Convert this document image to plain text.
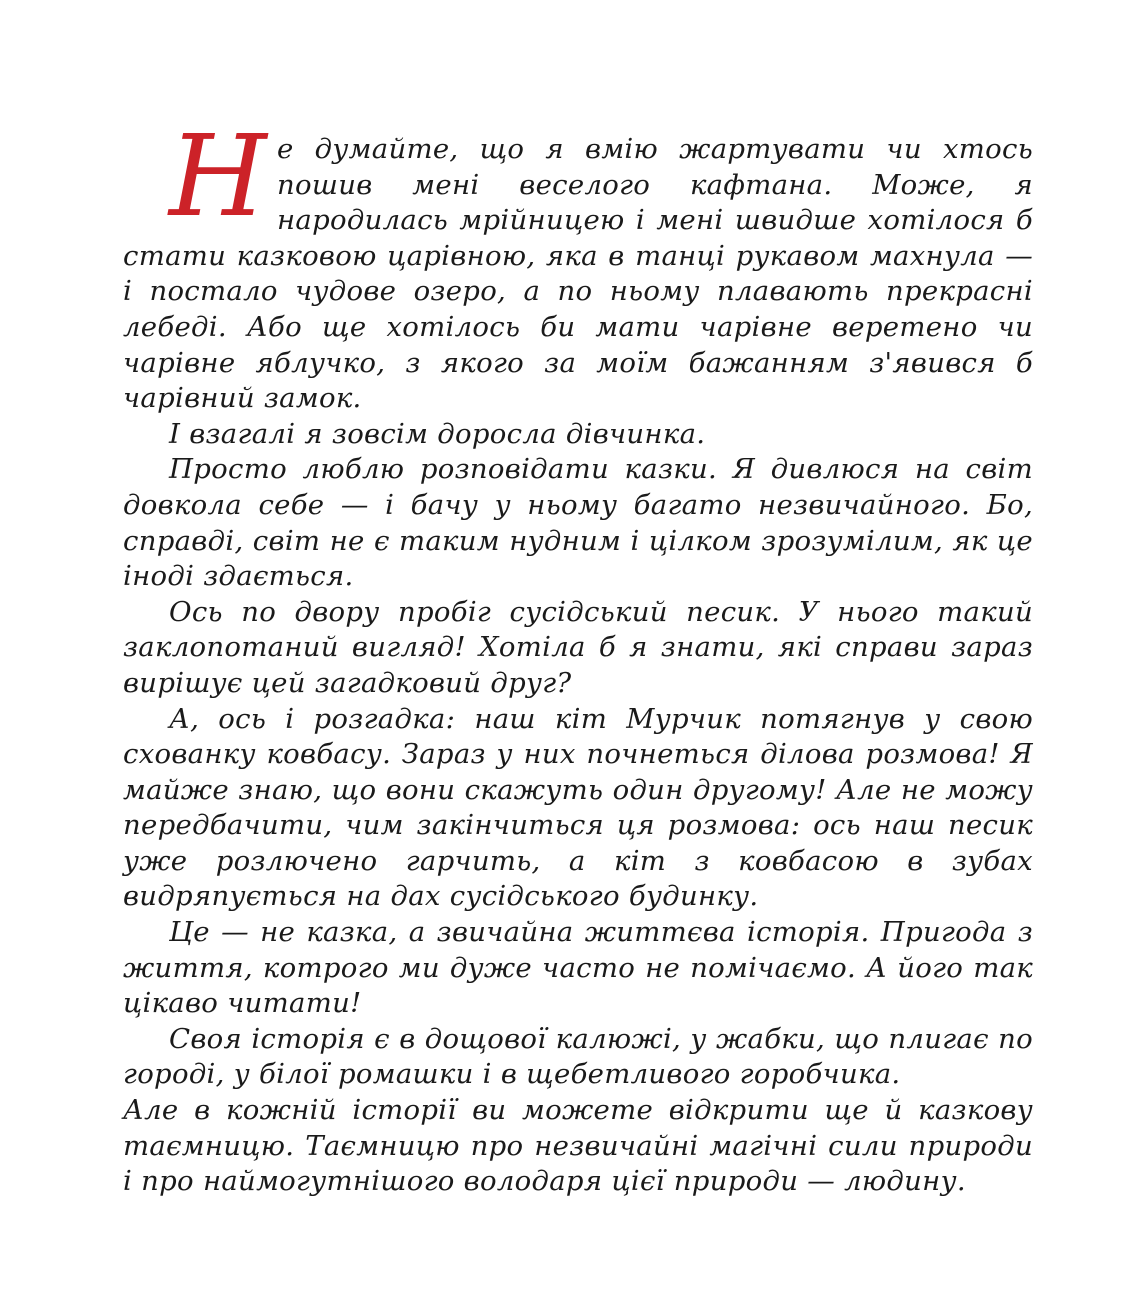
Не думайте, що я вмію жартувати чи хтось пошив мені веселого кафтана. Може, я народилась мрійницею і мені швидше хотілося б стати казковою царівною, яка в танці рукавом махнула — і постало чудове озеро, а по ньому плавають прекрасні лебеді. Або ще хотілось би мати чарівне веретено чи чарівне яблучко, з якого за моїм бажанням з'явився б чарівний замок.

І взагалі я зовсім доросла дівчинка.

Просто люблю розповідати казки. Я дивлюся на світ довкола себе — і бачу у ньому багато незвичайного. Бо, справді, світ не є таким нудним і цілком зрозумілим, як це іноді здається.

Ось по двору пробіг сусідський песик. У нього такий заклопотаний вигляд! Хотіла б я знати, які справи зараз вирішує цей загадковий друг?

А, ось і розгадка: наш кіт Мурчик потягнув у свою схованку ковбасу. Зараз у них почнеться ділова розмова! Я майже знаю, що вони скажуть один другому! Але не можу передбачити, чим закінчиться ця розмова: ось наш песик уже розлючено гарчить, а кіт з ковбасою в зубах видряпується на дах сусідського будинку.

Це — не казка, а звичайна життєва історія. Пригода з життя, котрого ми дуже часто не помічаємо. А його так цікаво читати!

Своя історія є в дощової калюжі, у жабки, що плигає по городі, у білої ромашки і в щебетливого горобчика.

Але в кожній історії ви можете відкрити ще й казкову таємницю. Таємницю про незвичайні магічні сили природи і про наймогутнішого володаря цієї природи — людину.
